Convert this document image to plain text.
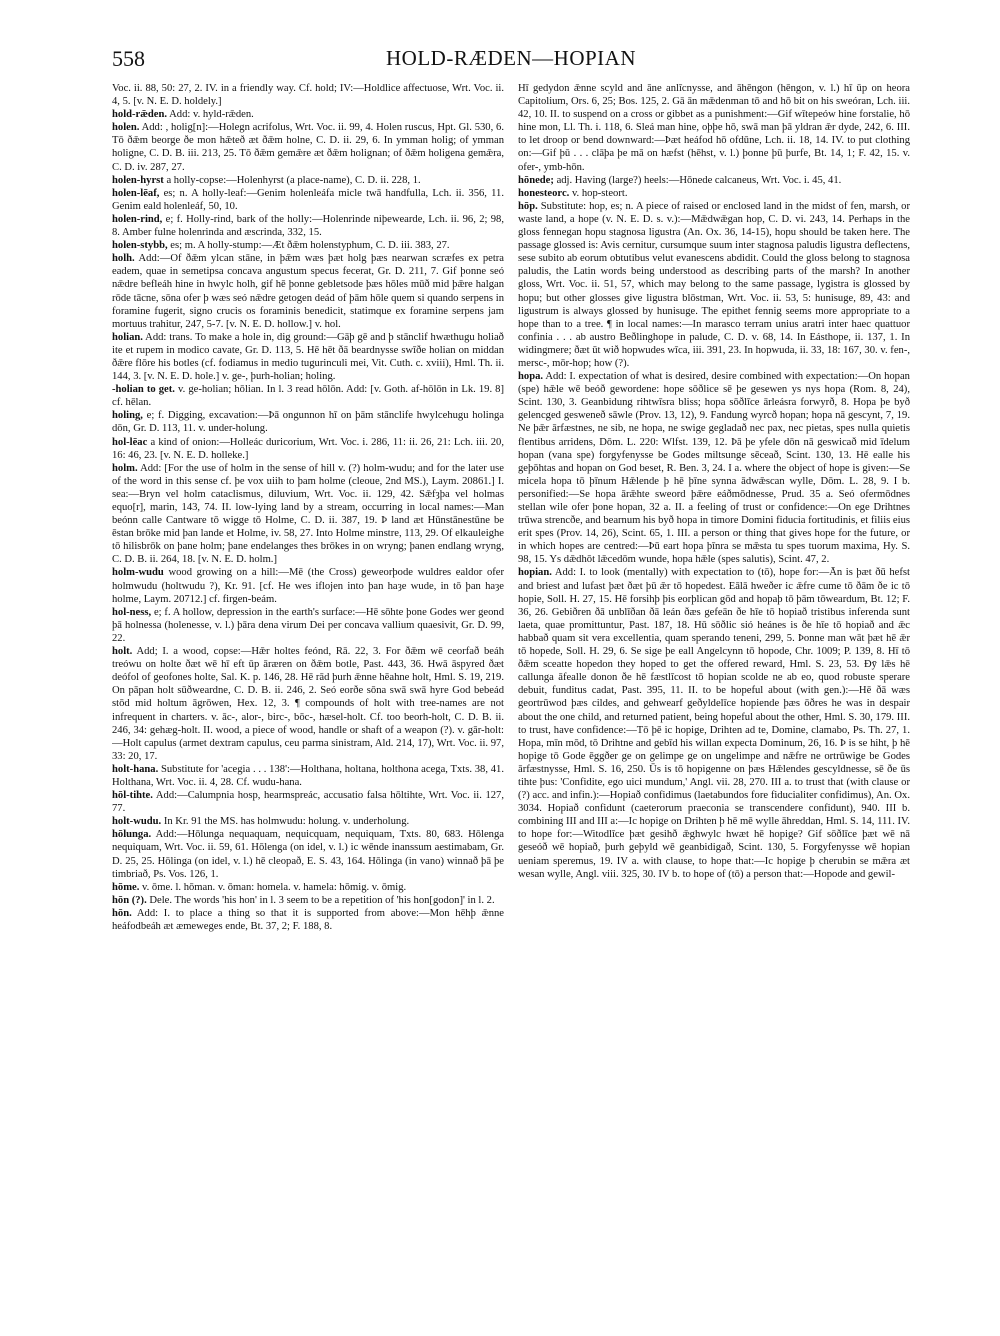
558	HOLD-RÆDEN—HOPIAN

Voc. ii. 88, 50: 27, 2. IV. in a friendly way. Cf. hold; IV:—Holdlice affectuose, Wrt. Voc. ii. 4, 5. [v. N. E. D. holdely.]

hold-rǣden. Add: v. hyld-rǣden.

holen. Add: , holig[n]:—Holegn acrifolus, Wrt. Voc. ii. 99, 4. Holen ruscus, Hpt. Gl. 530, 6. Tō ðǣm beorge ðe mon hǣteð æt ðǣm holne, C. D. ii. 29, 6. In ymman holig; of ymman holigne, C. D. B. iii. 213, 25. Tō ðǣm gemǣre æt ðǣm holignan; of ðǣm holigena gemǣra, C. D. iv. 287, 27.

holen-hyrst a holly-copse:—Holenhyrst (a place-name), C. D. ii. 228, 1.

holen-lēaf, es; n. A holly-leaf:—Genim holenleáfa micle twā handfulla, Lch. ii. 356, 11. Genim eald holenleáf, 50, 10.

holen-rind, e; f. Holly-rind, bark of the holly:—Holenrinde niþewearde, Lch. ii. 96, 2; 98, 8. Amber fulne holenrinda and æscrinda, 332, 15.

holen-stybb, es; m. A holly-stump:—Æt ðǣm holenstyphum, C. D. iii. 383, 27.

holh. Add:—Of ðǣm ylcan stāne, in þǣm wæs þæt holg þæs nearwan scræfes ex petra eadem, quae in semetipsa concava angustum specus fecerat, Gr. D. 211, 7. Gif þonne seó nǣdre befleáh hine in hwylc holh, gif hē þonne gebletsode þæs hōles mūð mid þǣre halgan rōde tācne, sōna ofer þ wæs seó nǣdre getogen deád of þām hōle quem si quando serpens in foramine fugerit, signo crucis os foraminis benedicit, statimque ex foramine serpens jam mortuus trahitur, 247, 5-7. [v. N. E. D. hollow.] v. hol.

holian. Add: trans. To make a hole in, dig ground:—Gāþ gē and þ stānclif hwæthugu holiað ite et rupem in modico cavate, Gr. D. 113, 5. Hē hēt ðā beardnysse swīðe holian on middan ðǣre flōre his botles (cf. fodiamus in medio tugurinculi mei, Vit. Cuth. c. xviii), Hml. Th. ii. 144, 3. [v. N. E. D. hole.] v. ge-, þurh-holian; holing.

-holian to get. v. ge-holian; hōlian. In l. 3 read hōlōn. Add: [v. Goth. af-hōlōn in Lk. 19. 8] cf. hēlan.

holing, e; f. Digging, excavation:—Þā ongunnon hī on þām stānclife hwylcehugu holinga dōn, Gr. D. 113, 11. v. under-holung.

hol-lēac a kind of onion:—Holleác duricorium, Wrt. Voc. i. 286, 11: ii. 26, 21: Lch. iii. 20, 16: 46, 23. [v. N. E. D. holleke.]

holm. Add: [For the use of holm in the sense of hill v. (?) holm-wudu; and for the later use of the word in this sense cf. þe vox uiih to þam holme (cleoue, 2nd MS.), Laym. 20861.] I. sea:—Bryn vel holm cataclismus, diluvium, Wrt. Voc. ii. 129, 42. Sǣfȝþa vel holmas equo[r], marin, 143, 74. II. low-lying land by a stream, occurring in local names:—Man beónn calle Cantware tō wigge tō Holme, C. D. ii. 387, 19. Þ land æt Hūnstānestūne be ēstan brōke mid þan lande et Holme, iv. 58, 27. Into Holme minstre, 113, 29. Of elkauleighe tō hilisbrōk on þane holm; þane endelanges thes brōkes in on wryng; þanen endlang wryng, C. D. B. ii. 264, 18. [v. N. E. D. holm.]

holm-wudu wood growing on a hill:—Mē (the Cross) geweorþode wuldres ealdor ofer holmwudu (holtwudu ?), Kr. 91. [cf. He wes iflojen into þan haȝe wude, in tō þan haȝe holme, Laym. 20712.] cf. firgen-beám.

hol-ness, e; f. A hollow, depression in the earth's surface:—Hē sōhte þone Godes wer geond þā holnessa (holenesse, v. l.) þāra dena virum Dei per concava vallium quaesivit, Gr. D. 99, 22.

holt. Add; I. a wood, copse:—Hǣr holtes feónd, Rā. 22, 3. For ðǣm wē ceorfað beáh treówu on holte ðæt wē hī eft ūp āræren on ðǣm botle, Past. 443, 36. Hwā āspyred ðæt deófol of geofones holte, Sal. K. p. 146, 28. Hē rād þurh ǣnne hēahne holt, Hml. S. 19, 219. On pāpan holt sūðweardne, C. D. B. ii. 246, 2. Seó eorðe sōna swā swā hyre God bebeád stōd mid holtum āgrōwen, Hex. 12, 3. ¶ compounds of holt with tree-names are not infrequent in charters. v. āc-, alor-, birc-, bōc-, hæsel-holt. Cf. too beorh-holt, C. D. B. ii. 246, 34: gehæg-holt. II. wood, a piece of wood, handle or shaft of a weapon (?). v. gār-holt:—Holt capulus (armet dextram capulus, ceu parma sinistram, Ald. 214, 17), Wrt. Voc. ii. 97, 33: 20, 17.

holt-hana. Substitute for 'acegia . . . 138':—Holthana, holtana, holthona acega, Txts. 38, 41. Holthana, Wrt. Voc. ii. 4, 28. Cf. wudu-hana.

hōl-tihte. Add:—Calumpnia hosp, hearmspreác, accusatio falsa hōltihte, Wrt. Voc. ii. 127, 77.

holt-wudu. In Kr. 91 the MS. has holmwudu: holung. v. underholung.

hōlunga. Add:—Hōlunga nequaquam, nequicquam, nequiquam, Txts. 80, 683. Hōlenga nequiquam, Wrt. Voc. ii. 59, 61. Hōlenga (on idel, v. l.) ic wēnde inanssum aestimabam, Gr. D. 25, 25. Hōlinga (on idel, v. l.) hē cleopað, E. S. 43, 164. Hōlinga (in vano) winnað þā þe timbriað, Ps. Vos. 126, 1.

hōme. v. ōme. l. hōman. v. ōman: homela. v. hamela: hōmig. v. ōmig.

hōn (?). Dele. The words 'his hon' in l. 3 seem to be a repetition of 'his hon[godon]' in l. 2.

hōn. Add: I. to place a thing so that it is supported from above:—Mon hēhþ ǣnne heáfodbeáh æt æmeweges ende, Bt. 37, 2; F. 188, 8.

Hī gedydon ǣnne scyld and āne anlīcnysse, and āhēngon (hēngon, v. l.) hī ūp on heora Capitolium, Ors. 6, 25; Bos. 125, 2. Gā ān mǣdenman tō and hō bit on his sweóran, Lch. iii. 42, 10. II. to suspend on a cross or gibbet as a punishment:—Gif wītepeów hine forstalie, hō hine mon, Ll. Th. i. 118, 6. Sleá man hine, oþþe hō, swā man þā yldran ǣr dyde, 242, 6. III. to let droop or bend downward:—Þæt heáfod hō ofdūne, Lch. ii. 18, 14. IV. to put clothing on:—Gif þū . . . clāþa þe mā on hæfst (hēhst, v. l.) þonne þū þurfe, Bt. 14, 1; F. 42, 15. v. ofer-, ymb-hōn.

hōnede; adj. Having (large?) heels:—Hōnede calcaneus, Wrt. Voc. i. 45, 41.

honesteorc. v. hop-steort.

hōp. Substitute: hop, es; n. A piece of raised or enclosed land in the midst of fen, marsh, or waste land, a hope (v. N. E. D. s. v.):—Mǣdwǣgan hop, C. D. vi. 243, 14. Perhaps in the gloss fennegan hopu stagnosa ligustra (An. Ox. 36, 14-15), hopu should be taken here. The passage glossed is: Avis cernitur, cursumque suum inter stagnosa paludis ligustra deflectens, sese subito ab eorum obtutibus velut evanescens abdidit. Could the gloss belong to stagnosa paludis, the Latin words being understood as describing parts of the marsh? In another gloss, Wrt. Voc. ii. 51, 57, which may belong to the same passage, lygistra is glossed by hopu; but other glosses give ligustra blōstman, Wrt. Voc. ii. 53, 5: hunisuge, 89, 43: and ligustrum is always glossed by hunisuge. The epithet fennig seems more appropriate to a hope than to a tree. ¶ in local names:—In marasco terram unius aratri inter haec quattuor confinia . . . ab austro Beðlinghope in palude, C. D. v. 68, 14. In Eásthope, ii. 137, 1. In widingmere; ðæt ūt wið hopwudes wīca, iii. 391, 23. In hopwuda, ii. 33, 18: 167, 30. v. fen-, mersc-, mōr-hop; how (?).

hopa. Add: I. expectation of what is desired, desire combined with expectation:—On hopan (spe) hǣle wē beóð gewordene: hope sōðlice sē þe gesewen ys nys hopa (Rom. 8, 24), Scint. 130, 3. Geanbidung rihtwīsra bliss; hopa sōðlīce ārleásra forwyrð, 8. Hopa þe byð gelencged gesweneð sāwle (Prov. 13, 12), 9. Fandung wyrcð hopan; hopa nā gescynt, 7, 19. Ne þǣr ārfæstnes, ne sib, ne hopa, ne swige gegladað nec pax, nec pietas, spes nulla quietis flentibus arridens, Dōm. L. 220: Wlfst. 139, 12. Þā þe yfele dōn nā geswicað mid īdelum hopan (vana spe) forgyfenysse be Godes miltsunge sēceað, Scint. 130, 13. Hē ealle his geþōhtas and hopan on God beset, R. Ben. 3, 24. I a. where the object of hope is given:—Se micela hopa tō þīnum Hǣlende þ hē þīne synna ādwǣscan wylle, Dōm. L. 28, 9. I b. personified:—Se hopa ārǣhte sweord þǣre eáðmōdnesse, Prud. 35 a. Seó ofermōdnes stellan wile ofer þone hopan, 32 a. II. a feeling of trust or confidence:—On ege Drihtnes trūwa strencðe, and bearnum his byð hopa in timore Domini fiducia fortitudinis, et filiis eius erit spes (Prov. 14, 26), Scint. 65, 1. III. a person or thing that gives hope for the future, or in which hopes are centred:—Þū eart hopa þīnra se mǣsta tu spes tuorum maxima, Hy. S. 98, 15. Ys dǣdhōt lǣcedōm wunde, hopa hǣle (spes salutis), Scint. 47, 2.

hopian. Add: I. to look (mentally) with expectation to (tō), hope for:—Ān is þæt ðū hefst and briest and lufast þæt ðæt þū ǣr tō hopedest. Eālā hweðer ic ǣfre cume tō ðām ðe ic tō hopie, Soll. H. 27, 15. Hē forsihþ þis eorþlican gōd and hopaþ tō þām tōweardum, Bt. 12; F. 36, 26. Gebiðren ðā unblīðan ðā leán ðæs gefeān ðe hīe tō hopiað tristibus inferenda sunt laeta, quae promittuntur, Past. 187, 18. Hū sōðlic sió heánes is ðe hīe tō hopiað and ǣc habbað quam sit vera excellentia, quam sperando teneni, 299, 5. Þonne man wāt þæt hē ǣr tō hopede, Soll. H. 29, 6. Se sige þe eall Angelcynn tō hopode, Chr. 1009; P. 139, 8. Hī tō ðǣm sceatte hopedon they hoped to get the offered reward, Hml. S. 23, 53. Ðȳ lǣs hē callunga āfealle donon ðe hē fæstlīcost tō hopian scolde ne ab eo, quod robuste sperare debuit, funditus cadat, Past. 395, 11. II. to be hopeful about (with gen.):—Hē ðā wæs geortrūwod þæs cildes, and gehwearf geðyldelīce hopiende þæs ōðres he was in despair about the one child, and returned patient, being hopeful about the other, Hml. S. 30, 179. III. to trust, have confidence:—Tō þē ic hopige, Drihten ad te, Domine, clamabo, Ps. Th. 27, 1. Hopa, mīn mōd, tō Drihtne and gebīd his willan expecta Dominum, 26, 16. Þ is se hiht, þ hē hopige tō Gode ēggðer ge on gelimpe ge on ungelimpe and nǣfre ne ortrūwige be Godes ārfæstnysse, Hml. S. 16, 250. Ūs is tō hopigenne on þæs Hǣlendes gescyldnesse, sē ðe ūs tihte þus: 'Confidite, ego uici mundum,' Angl. vii. 28, 270. III a. to trust that (with clause or (?) acc. and infin.):—Hopiað confidimus (laetabundos fore fiducialiter confidimus), An. Ox. 3034. Hopiað confidunt (caeterorum praeconia se transcendere confidunt), 940. III b. combining III and III a:—Ic hopige on Drihten þ hē mē wylle āhreddan, Hml. S. 14, 111. IV. to hope for:—Witodlīce þæt gesihð ǣghwylc hwæt hē hopige? Gif sōðlīce þæt wē nā geseóð wē hopiað, þurh geþyld wē geanbidigað, Scint. 130, 5. Forgyfenysse wē hopian ueniam speremus, 19. IV a. with clause, to hope that:—Ic hopige þ cherubin se mǣra æt wesan wylle, Angl. viii. 325, 30. IV b. to hope of (tō) a person that:—Hopode and gewil-
